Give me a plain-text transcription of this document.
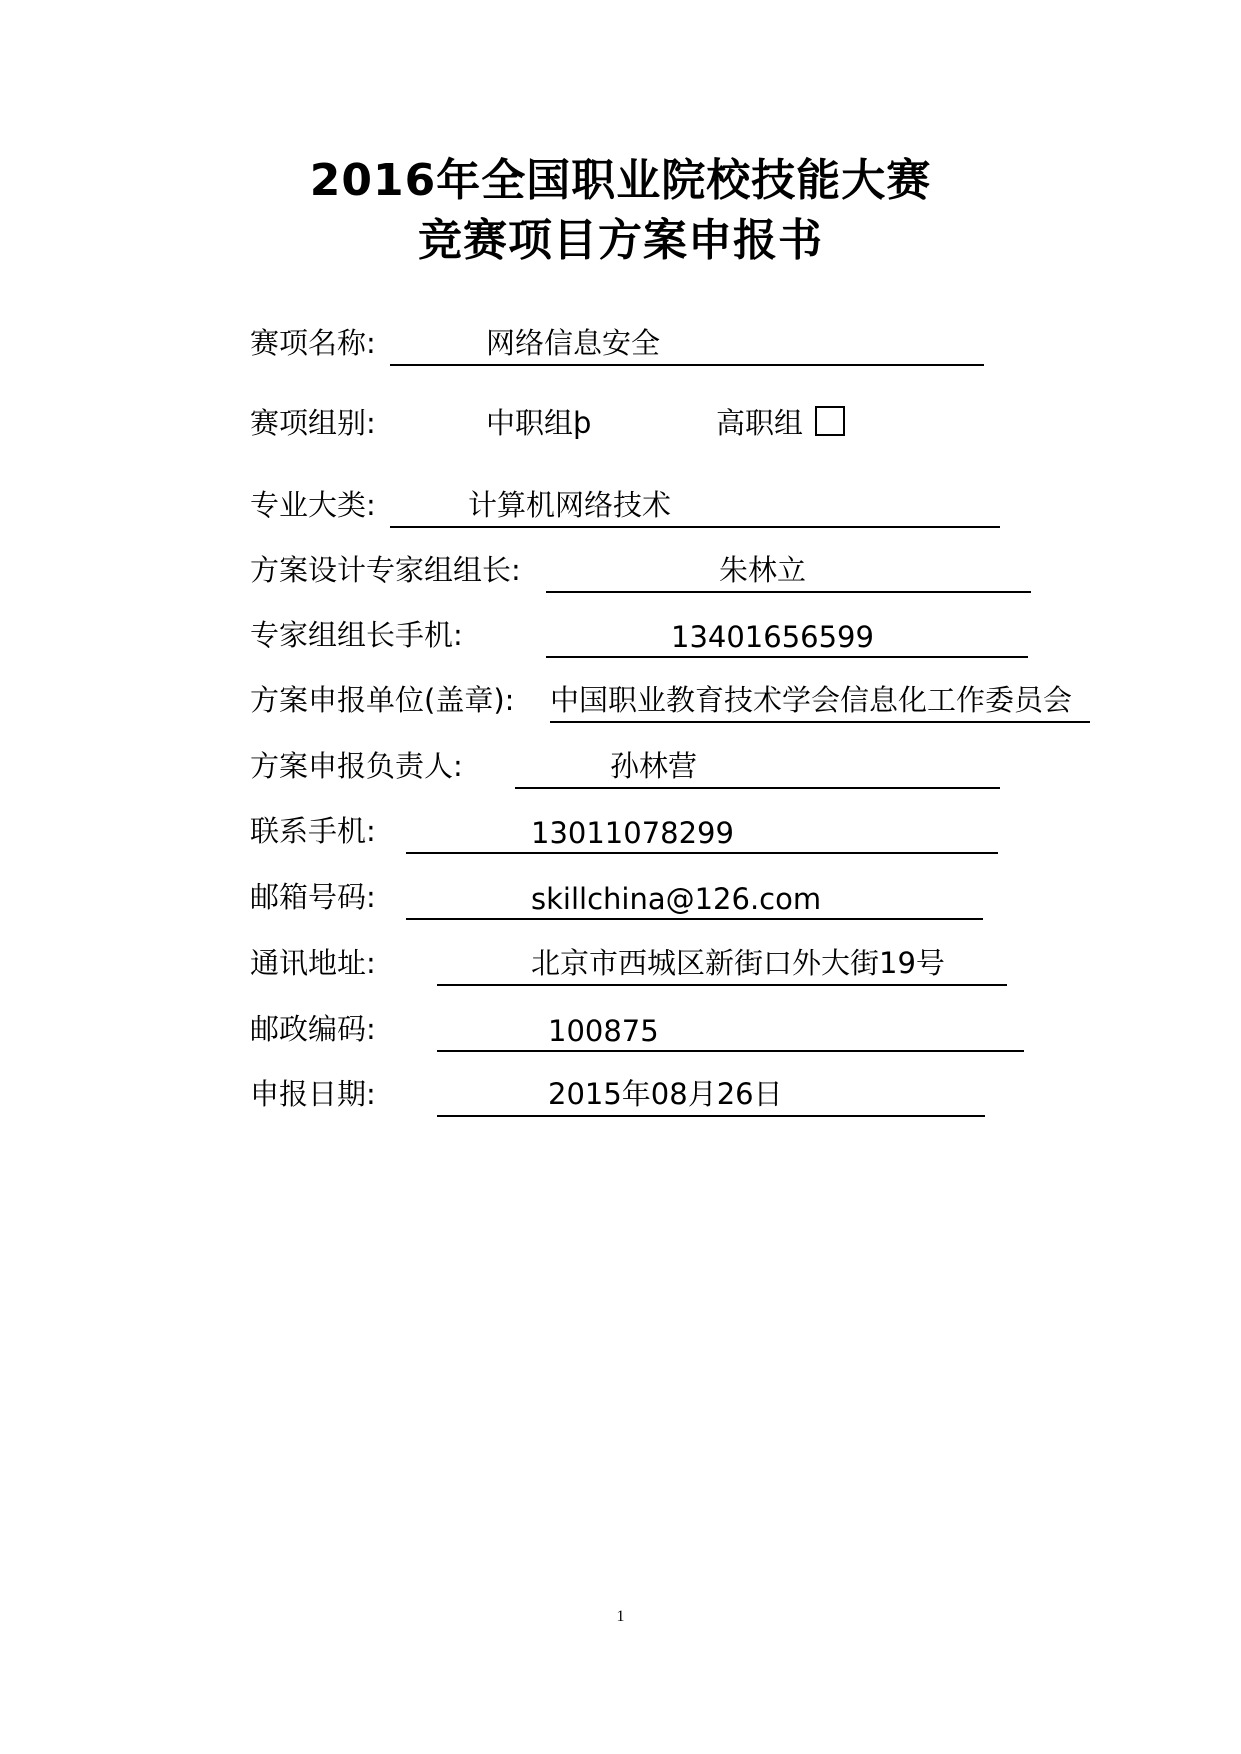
2016年全国职业院校技能大赛
竞赛项目方案申报书
赛项名称:	网络信息安全
赛项组别:	中职组þ	高职组
专业大类:	计算机网络技术
方案设计专家组组长:	朱林立
专家组组长手机:	13401656599
方案申报单位(盖章): 中国职业教育技术学会信息化工作委员会
方案申报负责人:	孙林营
联系手机:	13011078299
邮箱号码:	skillchina@126.com
通讯地址:	北京市西城区新街口外大街19号
邮政编码:	100875
申报日期:	2015年08月26日
1
